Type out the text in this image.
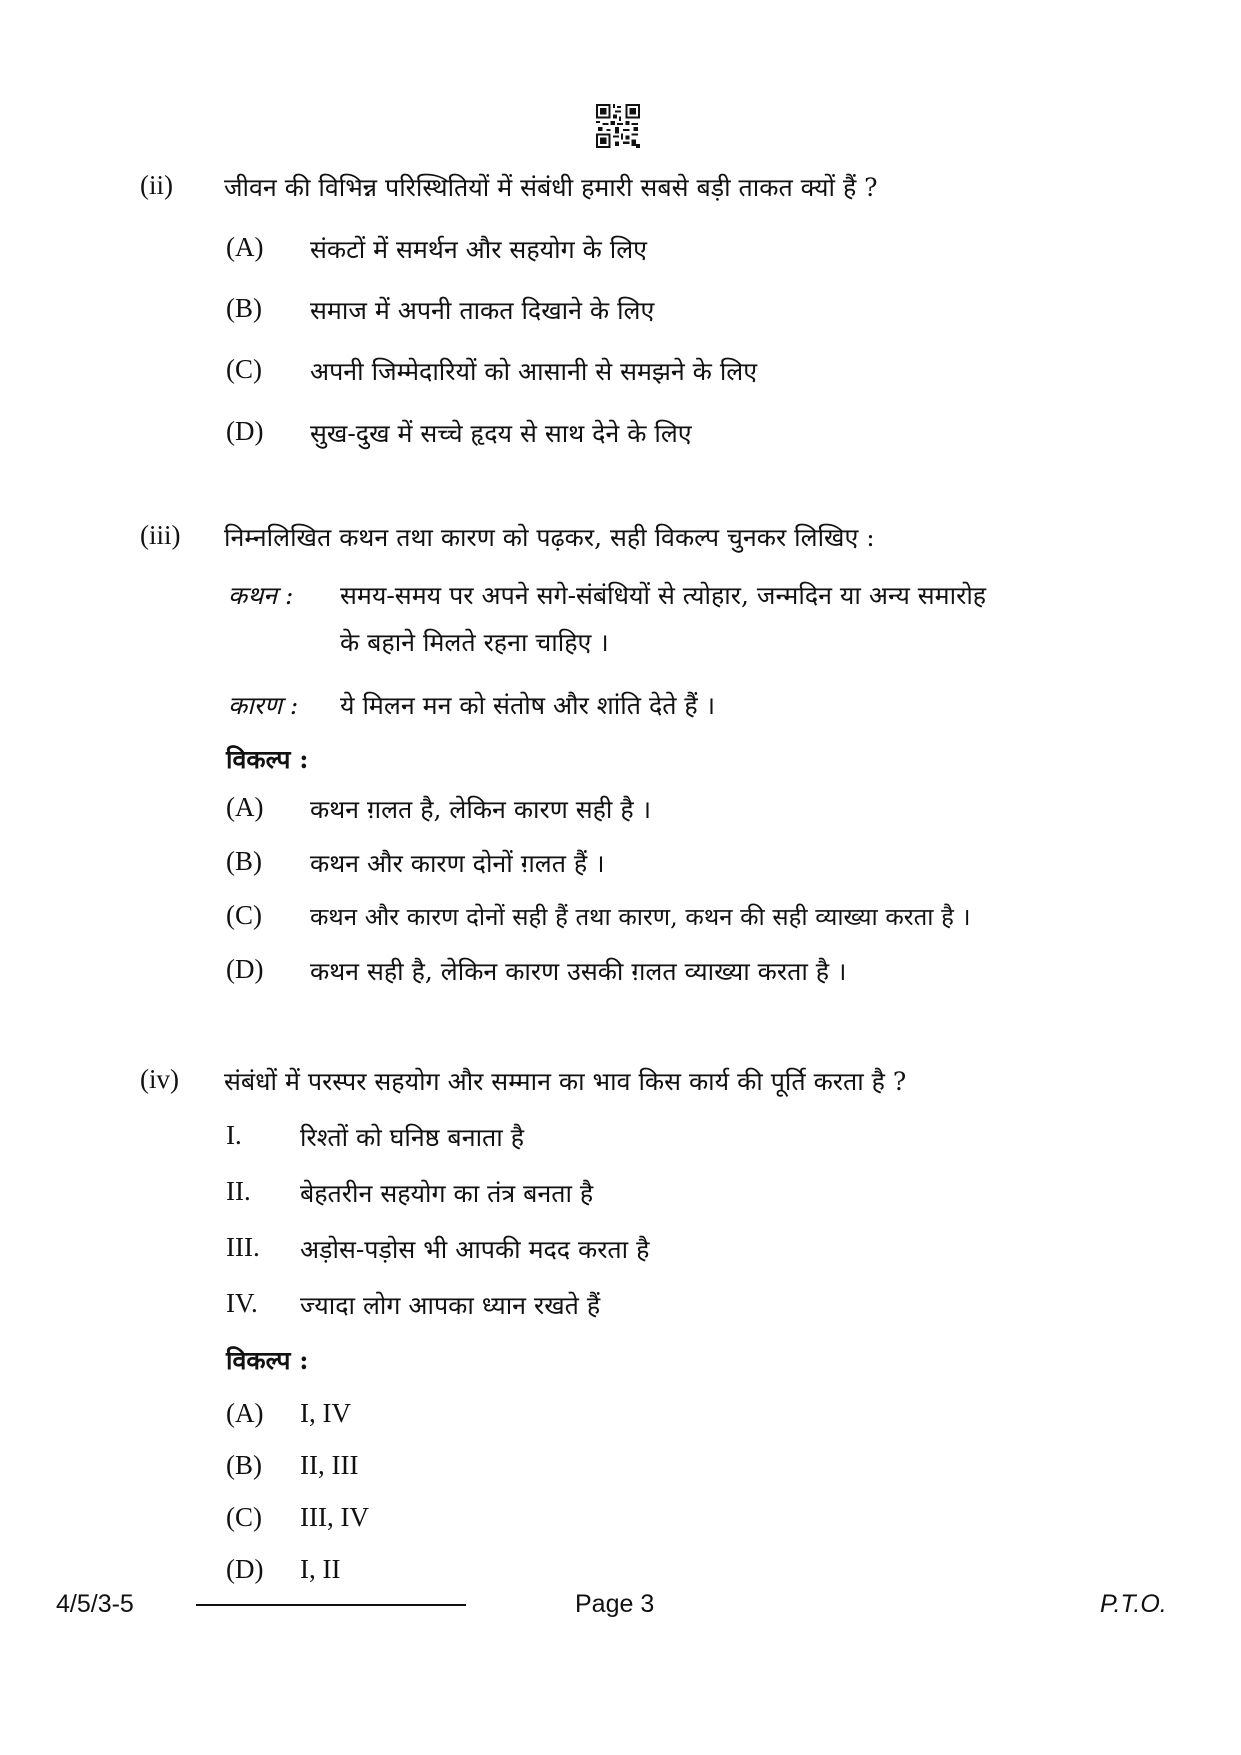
(ii) जीवन की विभिन्न परिस्थितियों में संबंधी हमारी सबसे बड़ी ताकत क्यों हैं ?
(A) संकटों में समर्थन और सहयोग के लिए
(B) समाज में अपनी ताकत दिखाने के लिए
(C) अपनी जिम्मेदारियों को आसानी से समझने के लिए
(D) सुख-दुख में सच्चे हृदय से साथ देने के लिए
(iii) निम्नलिखित कथन तथा कारण को पढ़कर, सही विकल्प चुनकर लिखिए :
कथन : समय-समय पर अपने सगे-संबंधियों से त्योहार, जन्मदिन या अन्य समारोह
के बहाने मिलते रहना चाहिए ।
कारण : ये मिलन मन को संतोष और शांति देते हैं ।
विकल्प :
(A) कथन ग़लत है, लेकिन कारण सही है ।
(B) कथन और कारण दोनों ग़लत हैं ।
(C) कथन और कारण दोनों सही हैं तथा कारण, कथन की सही व्याख्या करता है ।
(D) कथन सही है, लेकिन कारण उसकी ग़लत व्याख्या करता है ।
(iv) संबंधों में परस्पर सहयोग और सम्मान का भाव किस कार्य की पूर्ति करता है ?
I. रिश्तों को घनिष्ठ बनाता है
II. बेहतरीन सहयोग का तंत्र बनता है
III. अड़ोस-पड़ोस भी आपकी मदद करता है
IV. ज्यादा लोग आपका ध्यान रखते हैं
विकल्प :
(A) I, IV
(B) II, III
(C) III, IV
(D) I, II
4/5/3-5	Page 3	P.T.O.
